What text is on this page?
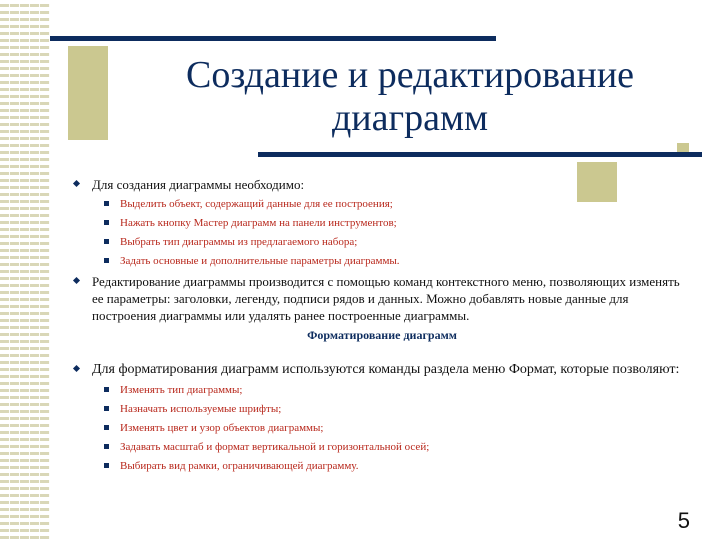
Создание и редактирование
диаграмм
Для создания диаграммы необходимо:
Выделить объект, содержащий данные для ее построения;
Нажать кнопку Мастер диаграмм на панели инструментов;
Выбрать тип диаграммы из предлагаемого набора;
Задать основные и дополнительные параметры диаграммы.
Редактирование диаграммы производится с помощью команд контекстного меню, позволяющих изменять ее параметры: заголовки, легенду, подписи рядов и данных. Можно добавлять новые данные для построения диаграммы или удалять ранее построенные диаграммы.
Форматирование диаграмм
Для форматирования диаграмм используются команды раздела меню Формат, которые позволяют:
Изменять тип диаграммы;
Назначать используемые шрифты;
Изменять цвет и узор объектов диаграммы;
Задавать масштаб и формат вертикальной и горизонтальной осей;
Выбирать вид рамки, ограничивающей диаграмму.
5
